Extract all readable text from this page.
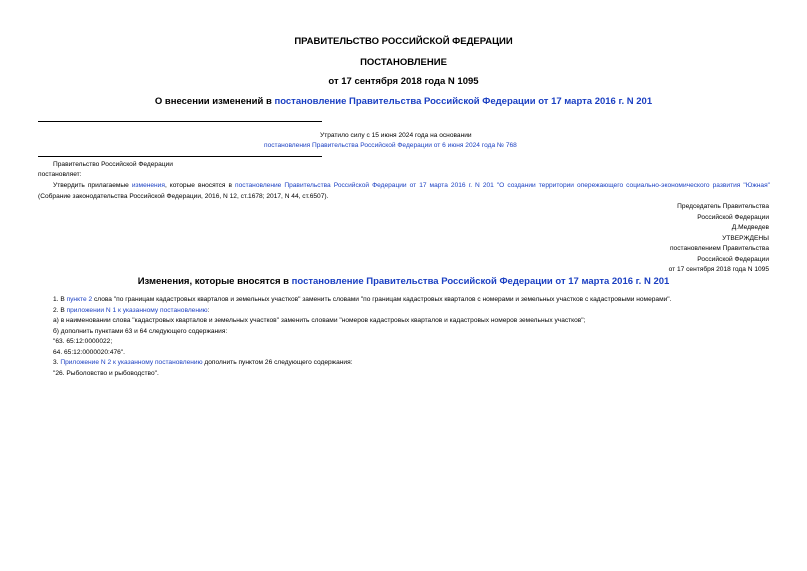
ПРАВИТЕЛЬСТВО РОССИЙСКОЙ ФЕДЕРАЦИИ
ПОСТАНОВЛЕНИЕ
от 17 сентября 2018 года N 1095
О внесении изменений в постановление Правительства Российской Федерации от 17 марта 2016 г. N 201
Утратило силу с 15 июня 2024 года на основании
постановления Правительства Российской Федерации от 6 июня 2024 года № 768
Правительство Российской Федерации
постановляет:
Утвердить прилагаемые изменения, которые вносятся в постановление Правительства Российской Федерации от 17 марта 2016 г. N 201 "О создании территории опережающего социально-экономического развития "Южная" (Собрание законодательства Российской Федерации, 2016, N 12, ст.1678; 2017, N 44, ст.6507).
Председатель Правительства
Российской Федерации
Д.Медведев
УТВЕРЖДЕНЫ
постановлением Правительства
Российской Федерации
от 17 сентября 2018 года N 1095
Изменения, которые вносятся в постановление Правительства Российской Федерации от 17 марта 2016 г. N 201
1. В пункте 2 слова "по границам кадастровых кварталов и земельных участков" заменить словами "по границам кадастровых кварталов с номерами и земельных участков с кадастровыми номерами".
2. В приложении N 1 к указанному постановлению:
а) в наименовании слова "кадастровых кварталов и земельных участков" заменить словами "номеров кадастровых кварталов и кадастровых номеров земельных участков";
б) дополнить пунктами 63 и 64 следующего содержания:
"63. 65:12:0000022;
64. 65:12:0000020:476".
3. Приложение N 2 к указанному постановлению дополнить пунктом 26 следующего содержания:
"26. Рыболовство и рыбоводство".
